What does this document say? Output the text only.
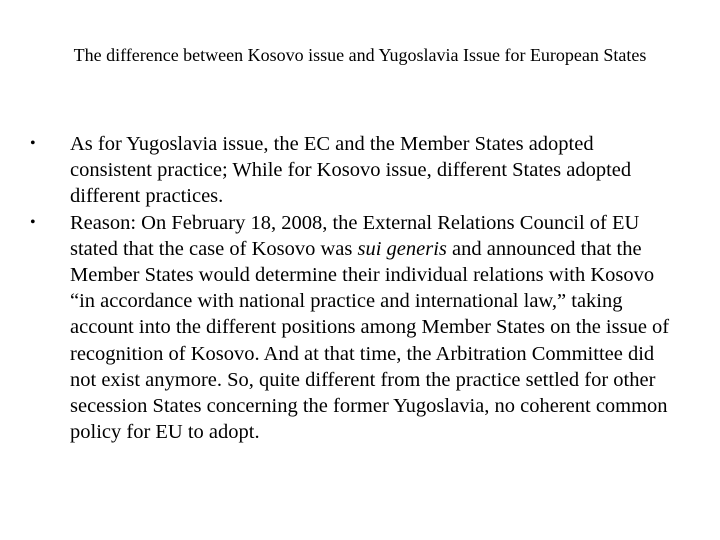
The difference between Kosovo issue and Yugoslavia Issue for European States
•	As for Yugoslavia issue, the EC and the Member States adopted consistent practice; While for Kosovo issue, different States adopted different practices.
•	Reason: On February 18, 2008, the External Relations Council of EU stated that the case of Kosovo was sui generis and announced that the Member States would determine their individual relations with Kosovo “in accordance with national practice and international law,” taking account into the different positions among Member States on the issue of recognition of Kosovo. And at that time, the Arbitration Committee did not exist anymore. So, quite different from the practice settled for other secession States concerning the former Yugoslavia, no coherent common policy for EU to adopt.
